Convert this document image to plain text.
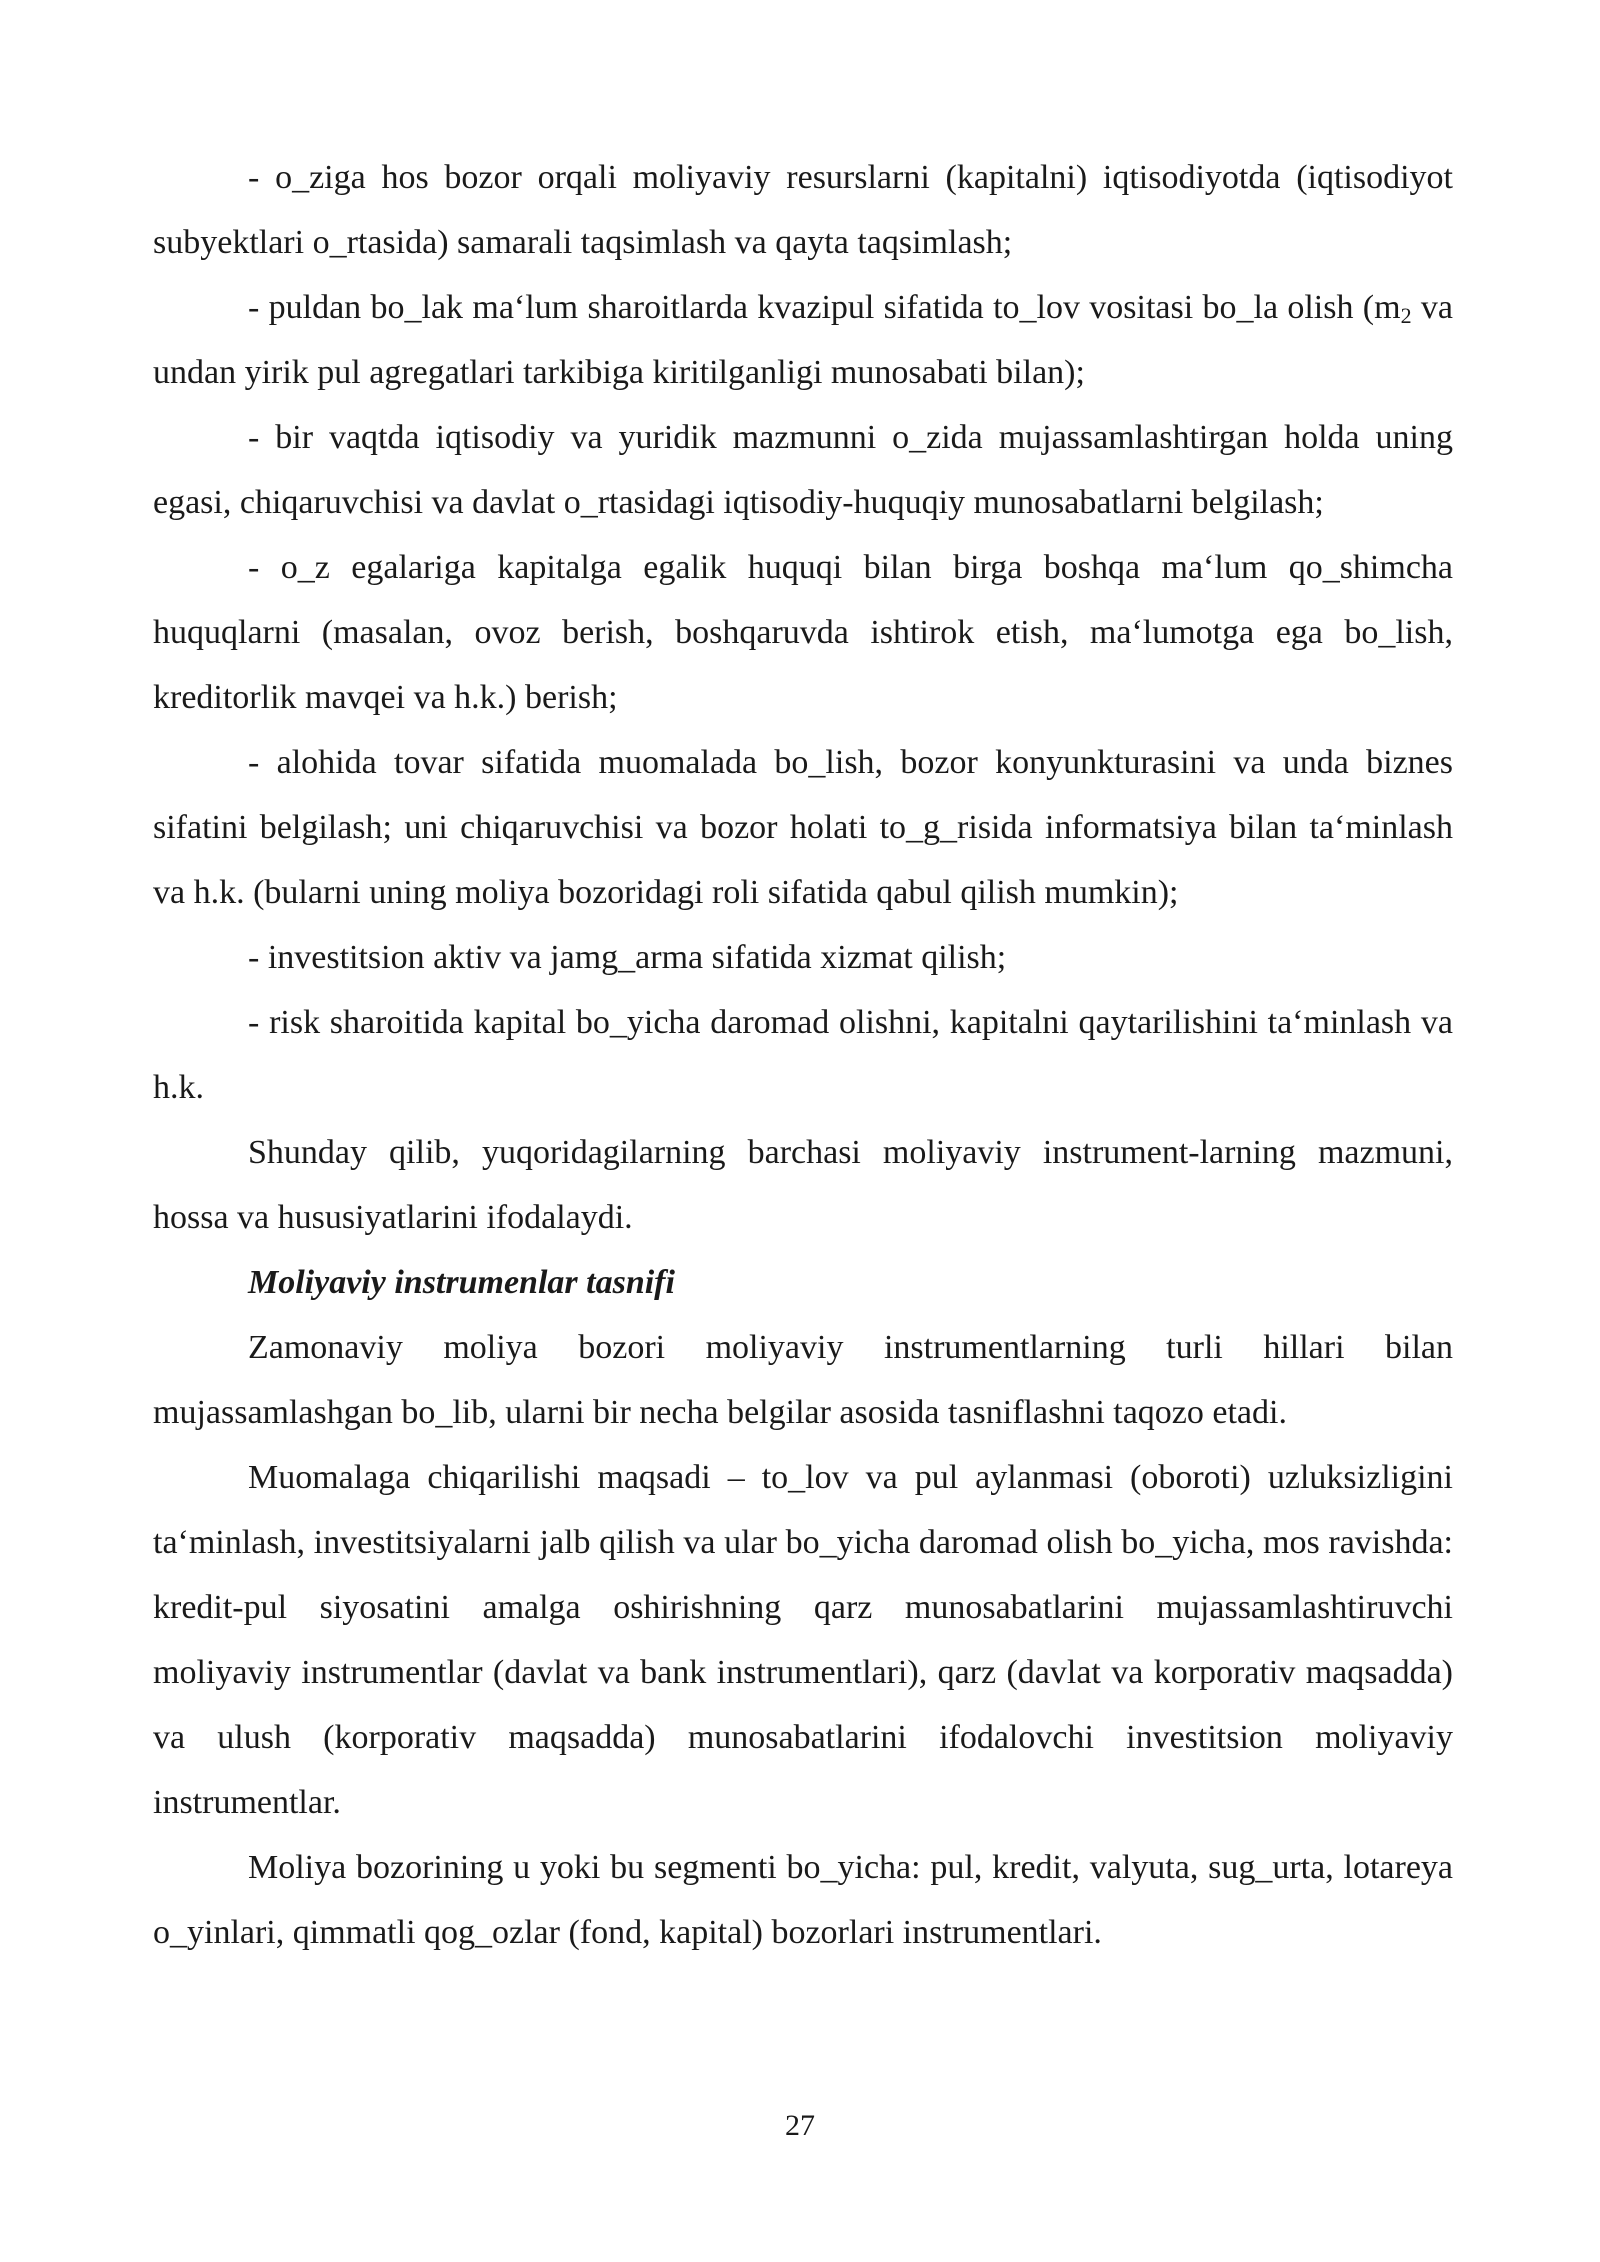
- o_ziga hos bozor orqali moliyaviy resurslarni (kapitalni) iqtisodiyotda (iqtisodiyot subyektlari o_rtasida) samarali taqsimlash va qayta taqsimlash;

- puldan bo_lak ma‘lum sharoitlarda kvazipul sifatida to_lov vositasi bo_la olish ($m_2$ va undan yirik pul agregatlari tarkibiga kiritilganligi munosabati bilan);

- bir vaqtda iqtisodiy va yuridik mazmunni o_zida mujassamlashtirgan holda uning egasi, chiqaruvchisi va davlat o_rtasidagi iqtisodiy-huquqiy munosabatlarni belgilash;

- o_z egalariga kapitalga egalik huquqi bilan birga boshqa ma‘lum qo_shimcha huquqlarni (masalan, ovoz berish, boshqaruvda ishtirok etish, ma‘lumotga ega bo_lish, kreditorlik mavqei va h.k.) berish;

- alohida tovar sifatida muomalada bo_lish, bozor konyunkturasini va unda biznes sifatini belgilash; uni chiqaruvchisi va bozor holati to_g_risida informatsiya bilan ta‘minlash va h.k. (bularni uning moliya bozoridagi roli sifatida qabul qilish mumkin);

- investitsion aktiv va jamg_arma sifatida xizmat qilish;

- risk sharoitida kapital bo_yicha daromad olishni, kapitalni qaytarilishini ta‘minlash va h.k.

Shunday qilib, yuqoridagilarning barchasi moliyaviy instrument-larning mazmuni, hossa va hususiyatlarini ifodalaydi.

Moliyaviy instrumenlar tasnifi

Zamonaviy moliya bozori moliyaviy instrumentlarning turli hillari bilan mujassamlashgan bo_lib, ularni bir necha belgilar asosida tasniflashni taqozo etadi.

Muomalaga chiqarilishi maqsadi – to_lov va pul aylanmasi (oboroti) uzluksizligini ta‘minlash, investitsiyalarni jalb qilish va ular bo_yicha daromad olish bo_yicha, mos ravishda: kredit-pul siyosatini amalga oshirishning qarz munosabatlarini mujassamlashtiruvchi moliyaviy instrumentlar (davlat va bank instrumentlari), qarz (davlat va korporativ maqsadda) va ulush (korporativ maqsadda) munosabatlarini ifodalovchi investitsion moliyaviy instrumentlar.

Moliya bozorining u yoki bu segmenti bo_yicha: pul, kredit, valyuta, sug_urta, lotareya o_yinlari, qimmatli qog_ozlar (fond, kapital) bozorlari instrumentlari.

27
